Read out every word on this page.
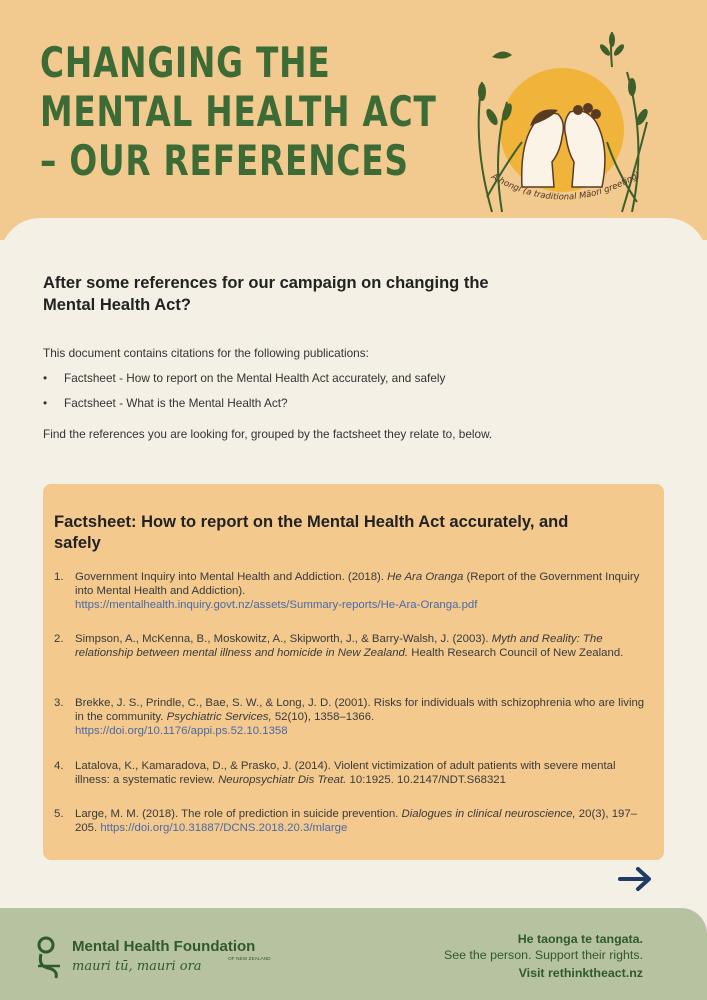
CHANGING THE
MENTAL HEALTH ACT
– OUR REFERENCES	A hongi (a traditional Māori greeting)
After some references for our campaign on changing the Mental Health Act?
This document contains citations for the following publications:
• Factsheet - How to report on the Mental Health Act accurately, and safely
• Factsheet - What is the Mental Health Act?
Find the references you are looking for, grouped by the factsheet they relate to, below.
Factsheet: How to report on the Mental Health Act accurately, and safely
1. Government Inquiry into Mental Health and Addiction. (2018). He Ara Oranga (Report of the Government Inquiry into Mental Health and Addiction).
https://mentalhealth.inquiry.govt.nz/assets/Summary-reports/He-Ara-Oranga.pdf
2. Simpson, A., McKenna, B., Moskowitz, A., Skipworth, J., & Barry-Walsh, J. (2003). Myth and Reality: The relationship between mental illness and homicide in New Zealand. Health Research Council of New Zealand.
3. Brekke, J. S., Prindle, C., Bae, S. W., & Long, J. D. (2001). Risks for individuals with schizophrenia who are living in the community. Psychiatric Services, 52(10), 1358–1366.
https://doi.org/10.1176/appi.ps.52.10.1358
4. Latalova, K., Kamaradova, D., & Prasko, J. (2014). Violent victimization of adult patients with severe mental illness: a systematic review. Neuropsychiatr Dis Treat. 10:1925. 10.2147/NDT.S68321
5. Large, M. M. (2018). The role of prediction in suicide prevention. Dialogues in clinical neuroscience, 20(3), 197–205. https://doi.org/10.31887/DCNS.2018.20.3/mlarge
Mental Health Foundation
mauri tū, mauri ora	OF NEW ZEALAND
He taonga te tangata.
See the person. Support their rights.
Visit rethinktheact.nz
